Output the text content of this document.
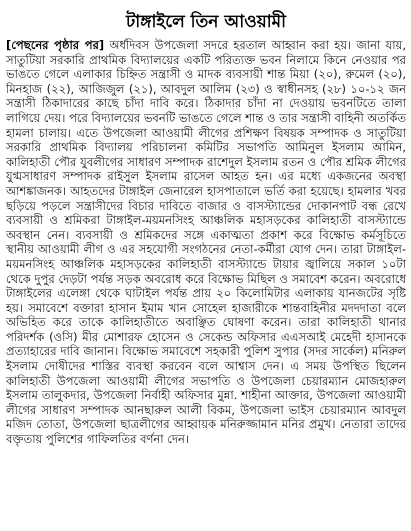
টাঙ্গাইলে তিন আওয়ামী

[পেছনের পৃষ্ঠার পর] অর্ধদিবস উপজেলা সদরে হরতাল আহ্বান করা হয়। জানা যায়, সাতুটিয়া সরকারি প্রাথমিক বিদ্যালয়ের একটি পরিত্যক্ত ভবন নিলামে কিনে নেওয়ার পর ভাঙতে গেলে এলাকার চিহ্নিত সন্ত্রাসী ও মাদক ব্যবসায়ী শান্ত মিয়া (২০), রুমেল (২০), মিনহাজ (২২), আজিজুল (২১), আবদুল আলিম (২৩) ও স্বাধীনসহ (২৮) ১০-১২ জন সন্ত্রাসী ঠিকাদারের কাছে চাঁদা দাবি করে। ঠিকাদার চাঁদা না দেওয়ায় ভবনটিতে তালা লাগিয়ে দেয়। পরে বিদ্যালয়ের ভবনটি ভাঙতে গেলে শান্ত ও তার সন্ত্রাসী বাহিনী অতর্কিত হামলা চালায়। এতে উপজেলা আওয়ামী লীগের প্রশিক্ষণ বিষয়ক সম্পাদক ও সাতুটিয়া সরকারি প্রাথমিক বিদ্যালয় পরিচালনা কমিটির সভাপতি আমিনুল ইসলাম আমিন, কালিহাতী পৌর যুবলীগের সাধারণ সম্পাদক রাশেদুল ইসলাম রতন ও পৌর শ্রমিক লীগের যুগ্মসাধারণ সম্পাদক রাইসুল ইসলাম রাসেল আহত হন। এর মধ্যে একজনের অবস্থা আশঙ্কাজনক। আহতদের টাঙ্গাইল জেনারেল হাসপাতালে ভর্তি করা হয়েছে। হামলার খবর ছড়িয়ে পড়লে সন্ত্রাসীদের বিচার দাবিতে বাজার ও বাসস্ট্যান্ডের দোকানপাট বন্ধ রেখে ব্যবসায়ী ও শ্রমিকরা টাঙ্গাইল-ময়মনসিংহ আঞ্চলিক মহাসড়কের কালিহাতী বাসস্ট্যান্ডে অবস্থান নেন। ব্যবসায়ী ও শ্রমিকদের সঙ্গে একাত্মতা প্রকাশ করে বিক্ষোভ কর্মসূচিতে স্থানীয় আওয়ামী লীগ ও এর সহযোগী সংগঠনের নেতা-কর্মীরা যোগ দেন। তারা টাঙ্গাইল-ময়মনসিংহ আঞ্চলিক মহাসড়কের কালিহাতী বাসস্ট্যান্ডে টায়ার জ্বালিয়ে সকাল ১০টা থেকে দুপুর দেড়টা পর্যন্ত সড়ক অবরোধ করে বিক্ষোভ মিছিল ও সমাবেশ করেন। অবরোধে টাঙ্গাইলের এলেঙ্গা থেকে ঘাটাইল পর্যন্ত প্রায় ২০ কিলোমিটার এলাকায় যানজটের সৃষ্টি হয়। সমাবেশে বক্তারা হাসান ইমাম খান সোহেল হাজারীকে শান্তবাহিনীর মদদদাতা বলে অভিহিত করে তাকে কালিহাতীতে অবাঞ্ছিত ঘোষণা করেন। তারা কালিহাতী থানার পরিদর্শক (ওসি) মীর মোশারফ হোসেন ও সেকেন্ড অফিসার এএসআই মেহেদী হাসানকে প্রত্যাহারের দাবি জানান। বিক্ষোভ সমাবেশে সহকারী পুলিশ সুপার (সদর সার্কেল) মনিরুল ইসলাম দোষীদের শাস্তির ব্যবস্থা করবেন বলে আশ্বাস দেন। এ সময় উপস্থিত ছিলেন কালিহাতী উপজেলা আওয়ামী লীগের সভাপতি ও উপজেলা চেয়ারম্যান মোজহারুল ইসলাম তালুকদার, উপজেলা নির্বাহী অফিসার মুন্না. শাহীনা আক্তার, উপজেলা আওয়ামী লীগের সাধারণ সম্পাদক আনছারুল আলী বিকম, উপজেলা ভাইস চেয়ারম্যান আবদুল মজিদ তোতা, উপজেলা ছাত্রলীগের আহ্বায়ক মনিরুজ্জামান মনির প্রমুখ। নেতারা তাদের বক্তৃতায় পুলিশের গাফিলতির বর্ণনা দেন।
